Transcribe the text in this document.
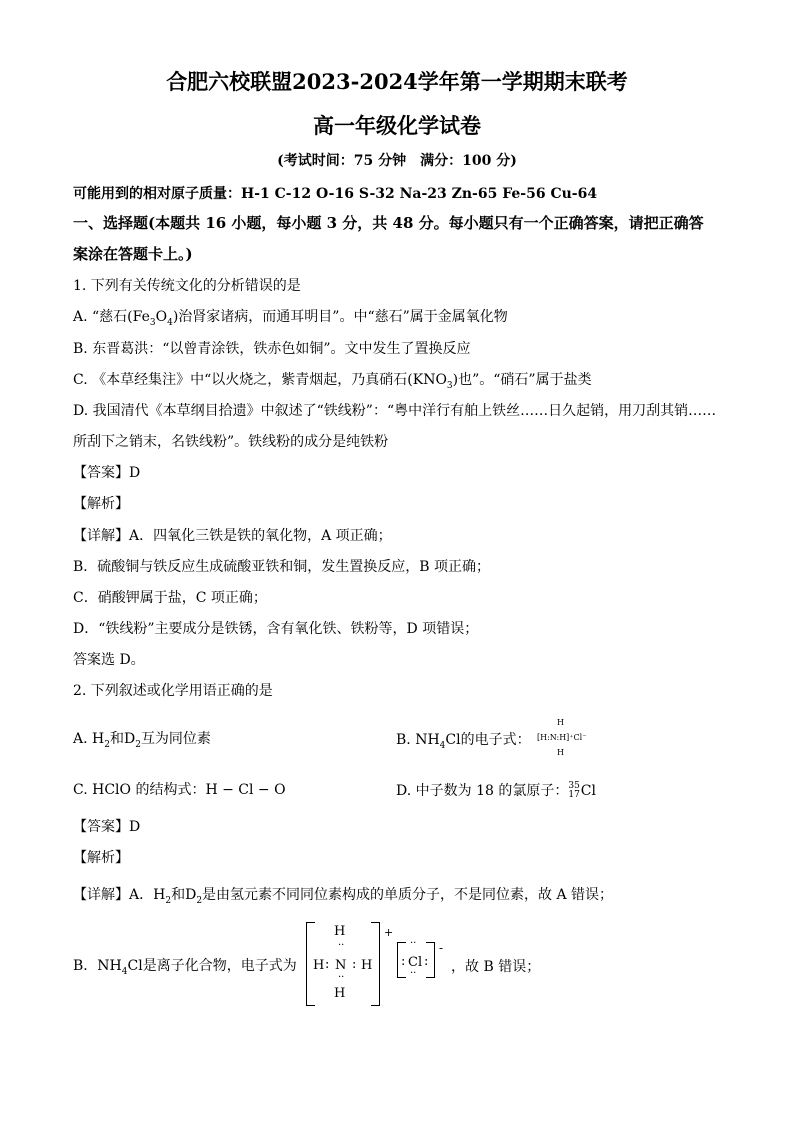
合肥六校联盟2023-2024学年第一学期期末联考
高一年级化学试卷
(考试时间：75 分钟　满分：100 分)
可能用到的相对原子质量：H-1 C-12 O-16 S-32 Na-23 Zn-65 Fe-56 Cu-64
一、选择题(本题共 16 小题，每小题 3 分，共 48 分。每小题只有一个正确答案，请把正确答
案涂在答题卡上。)
1. 下列有关传统文化的分析错误的是
A. “慈石$(Fe_3O_4)$治肾家诸病，而通耳明目”。中“慈石”属于金属氧化物
B. 东晋葛洪：“以曾青涂铁，铁赤色如铜”。文中发生了置换反应
C. 《本草经集注》中“以火烧之，紫青烟起，乃真硝石$(KNO_3)$也”。“硝石”属于盐类
D. 我国清代《本草纲目拾遗》中叙述了“铁线粉”：“粤中洋行有舶上铁丝……日久起销，用刀刮其销……
所刮下之销末，名铁线粉”。铁线粉的成分是纯铁粉
【答案】D
【解析】
【详解】A．四氧化三铁是铁的氧化物，A 项正确；
B．硫酸铜与铁反应生成硫酸亚铁和铜，发生置换反应，B 项正确；
C．硝酸钾属于盐，C 项正确；
D．“铁线粉”主要成分是铁锈，含有氧化铁、铁粉等，D 项错误；
答案选 D。
2. 下列叙述或化学用语正确的是
A. $H_2$和$D_2$互为同位素	B. $NH_4Cl$的电子式：
H
[H:N:H]⁺Cl⁻
H
C. HClO 的结构式：H − Cl − O	D. 中子数为 18 的氯原子：35
17Cl
【答案】D
【解析】
【详解】A．$H_2$和$D_2$是由氢元素不同同位素构成的单质分子，不是同位素，故 A 错误；
B．$NH_4Cl$是离子化合物，电子式为
H
··
H : N : H
··
H
+
··
: Cl :
··
-
，故 B 错误；
